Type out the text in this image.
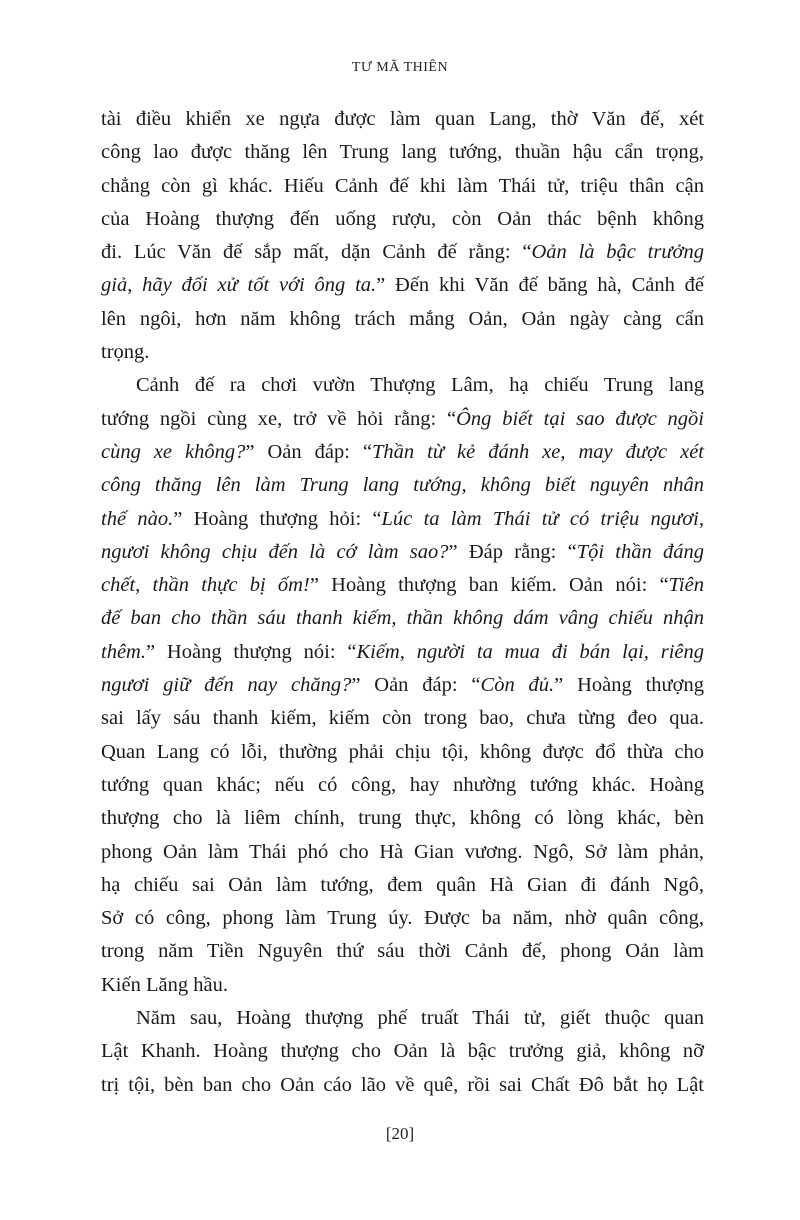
TƯ MÃ THIÊN
tài điều khiển xe ngựa được làm quan Lang, thờ Văn đế, xét
công lao được thăng lên Trung lang tướng, thuần hậu cẩn trọng,
chẳng còn gì khác. Hiếu Cảnh đế khi làm Thái tử, triệu thân cận
của Hoàng thượng đến uống rượu, còn Oản thác bệnh không
đi. Lúc Văn đế sắp mất, dặn Cảnh đế rằng: “Oản là bậc trưởng
giả, hãy đối xử tốt với ông ta.” Đến khi Văn đế băng hà, Cảnh đế
lên ngôi, hơn năm không trách mắng Oản, Oản ngày càng cẩn
trọng.
Cảnh đế ra chơi vườn Thượng Lâm, hạ chiếu Trung lang
tướng ngồi cùng xe, trở về hỏi rằng: “Ông biết tại sao được ngồi
cùng xe không?” Oản đáp: “Thần từ kẻ đánh xe, may được xét
công thăng lên làm Trung lang tướng, không biết nguyên nhân
thế nào.” Hoàng thượng hỏi: “Lúc ta làm Thái tử có triệu ngươi,
ngươi không chịu đến là cớ làm sao?” Đáp rằng: “Tội thần đáng
chết, thần thực bị ốm!” Hoàng thượng ban kiếm. Oản nói: “Tiên
đế ban cho thần sáu thanh kiếm, thần không dám vâng chiếu nhận
thêm.” Hoàng thượng nói: “Kiếm, người ta mua đi bán lại, riêng
ngươi giữ đến nay chăng?” Oản đáp: “Còn đủ.” Hoàng thượng
sai lấy sáu thanh kiếm, kiếm còn trong bao, chưa từng đeo qua.
Quan Lang có lỗi, thường phải chịu tội, không được đổ thừa cho
tướng quan khác; nếu có công, hay nhường tướng khác. Hoàng
thượng cho là liêm chính, trung thực, không có lòng khác, bèn
phong Oản làm Thái phó cho Hà Gian vương. Ngô, Sở làm phản,
hạ chiếu sai Oản làm tướng, đem quân Hà Gian đi đánh Ngô,
Sở có công, phong làm Trung úy. Được ba năm, nhờ quân công,
trong năm Tiền Nguyên thứ sáu thời Cảnh đế, phong Oản làm
Kiến Lăng hầu.
Năm sau, Hoàng thượng phế truất Thái tử, giết thuộc quan
Lật Khanh. Hoàng thượng cho Oản là bậc trưởng giả, không nỡ
trị tội, bèn ban cho Oản cáo lão về quê, rồi sai Chất Đô bắt họ Lật
[20]
